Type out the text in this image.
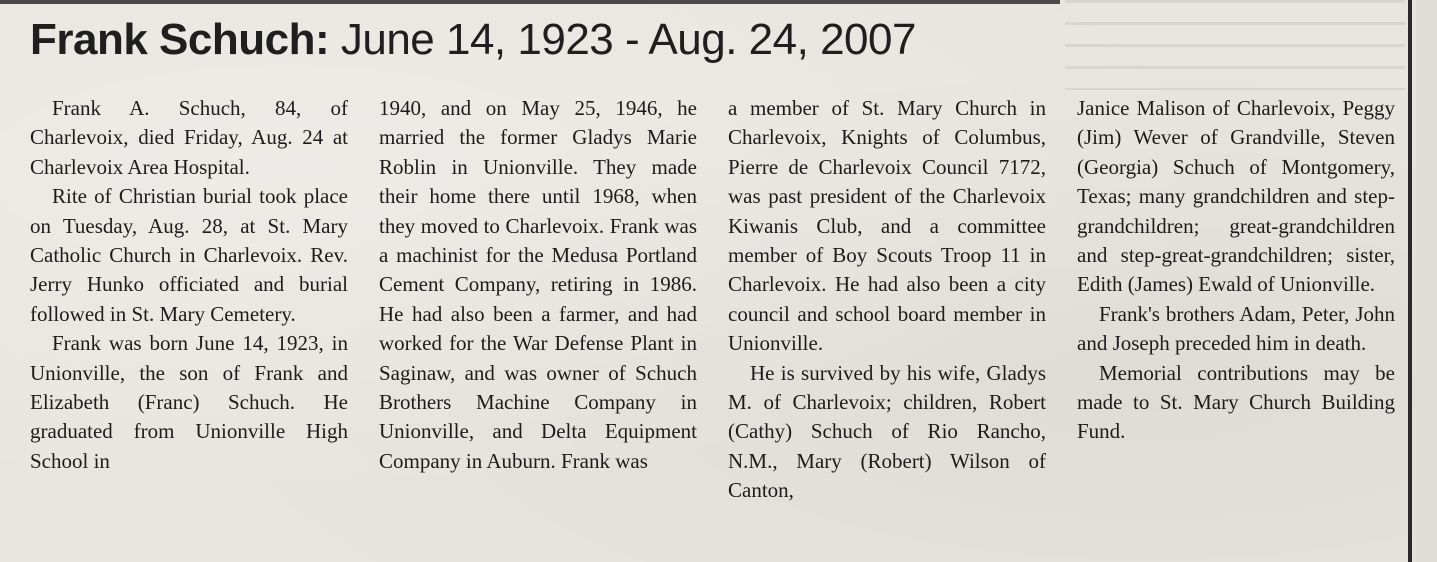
Frank Schuch: June 14, 1923 - Aug. 24, 2007

Frank A. Schuch, 84, of Charlevoix, died Friday, Aug. 24 at Charlevoix Area Hospital.

Rite of Christian burial took place on Tuesday, Aug. 28, at St. Mary Catholic Church in Charlevoix. Rev. Jerry Hunko officiated and burial followed in St. Mary Cemetery.

Frank was born June 14, 1923, in Unionville, the son of Frank and Elizabeth (Franc) Schuch. He graduated from Unionville High School in

1940, and on May 25, 1946, he married the former Gladys Marie Roblin in Unionville. They made their home there until 1968, when they moved to Charlevoix. Frank was a machinist for the Medusa Portland Cement Company, retiring in 1986. He had also been a farmer, and had worked for the War Defense Plant in Saginaw, and was owner of Schuch Brothers Machine Company in Unionville, and Delta Equipment Company in Auburn. Frank was

a member of St. Mary Church in Charlevoix, Knights of Columbus, Pierre de Charlevoix Council 7172, was past president of the Charlevoix Kiwanis Club, and a committee member of Boy Scouts Troop 11 in Charlevoix. He had also been a city council and school board member in Unionville.

He is survived by his wife, Gladys M. of Charlevoix; children, Robert (Cathy) Schuch of Rio Rancho, N.M., Mary (Robert) Wilson of Canton,

Janice Malison of Charlevoix, Peggy (Jim) Wever of Grandville, Steven (Georgia) Schuch of Montgomery, Texas; many grandchildren and step-grandchildren; great-grandchildren and step-great-grandchildren; sister, Edith (James) Ewald of Unionville.

Frank's brothers Adam, Peter, John and Joseph preceded him in death.

Memorial contributions may be made to St. Mary Church Building Fund.
